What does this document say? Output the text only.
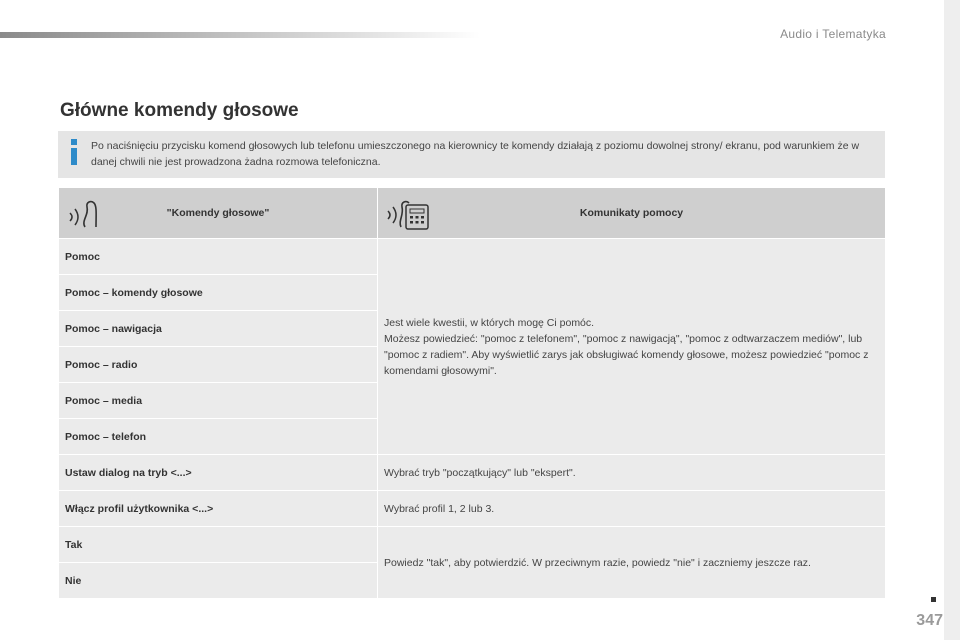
Audio i Telematyka
Główne komendy głosowe
Po naciśnięciu przycisku komend głosowych lub telefonu umieszczonego na kierownicy te komendy działają z poziomu dowolnej strony/ ekranu, pod warunkiem że w danej chwili nie jest prowadzona żadna rozmowa telefoniczna.
"Komendy głosowe"	Komunikaty pomocy
Pomoc	Jest wiele kwestii, w których mogę Ci pomóc.
Możesz powiedzieć: "pomoc z telefonem", "pomoc z nawigacją", "pomoc z odtwarzaczem mediów", lub "pomoc z radiem". Aby wyświetlić zarys jak obsługiwać komendy głosowe, możesz powiedzieć "pomoc z komendami głosowymi".

Pomoc – komendy głosowe	
Pomoc – nawigacja	
Pomoc – radio	
Pomoc – media	
Pomoc – telefon	
Ustaw dialog na tryb <...>	Wybrać tryb "początkujący" lub "ekspert".
Włącz profil użytkownika <...>	Wybrać profil 1, 2 lub 3.
Tak	Powiedz "tak", aby potwierdzić. W przeciwnym razie, powiedz "nie" i zaczniemy jeszcze raz.
Nie	
347
